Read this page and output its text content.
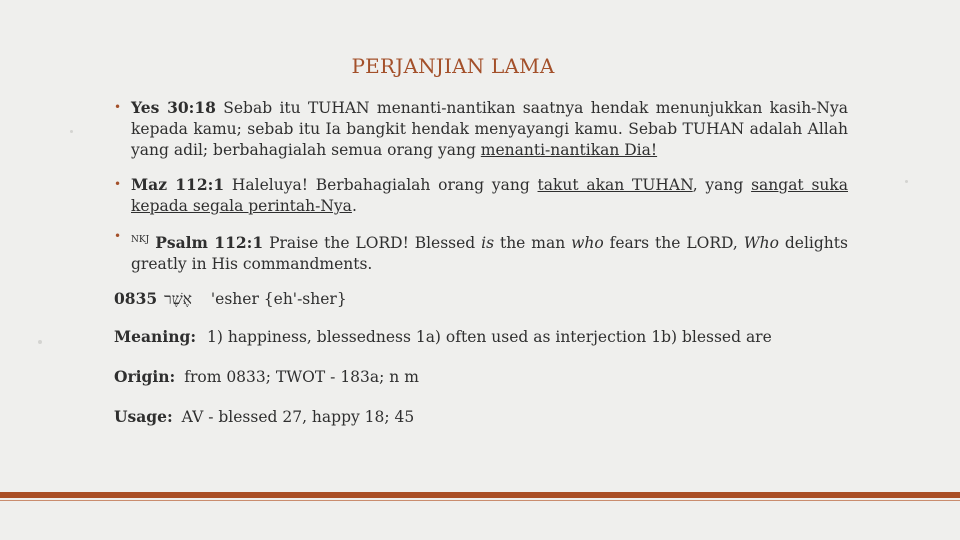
PERJANJIAN LAMA
• Yes 30:18 Sebab itu TUHAN menanti-nantikan saatnya hendak menunjukkan kasih-Nya kepada kamu; sebab itu Ia bangkit hendak menyayangi kamu. Sebab TUHAN adalah Allah yang adil; berbahagialah semua orang yang menanti-nantikan Dia!
• Maz 112:1 Haleluya! Berbahagialah orang yang takut akan TUHAN, yang sangat suka kepada segala perintah-Nya.
•	$^{NKJ}$ Psalm 112:1 Praise the LORD! Blessed is the man who fears the LORD, Who delights greatly in His commandments.
0835 אֶשֶׁר 'esher {eh'-sher}
Meaning: 1) happiness, blessedness 1a) often used as interjection 1b) blessed are
Origin: from 0833; TWOT - 183a; n m
Usage: AV - blessed 27, happy 18; 45
